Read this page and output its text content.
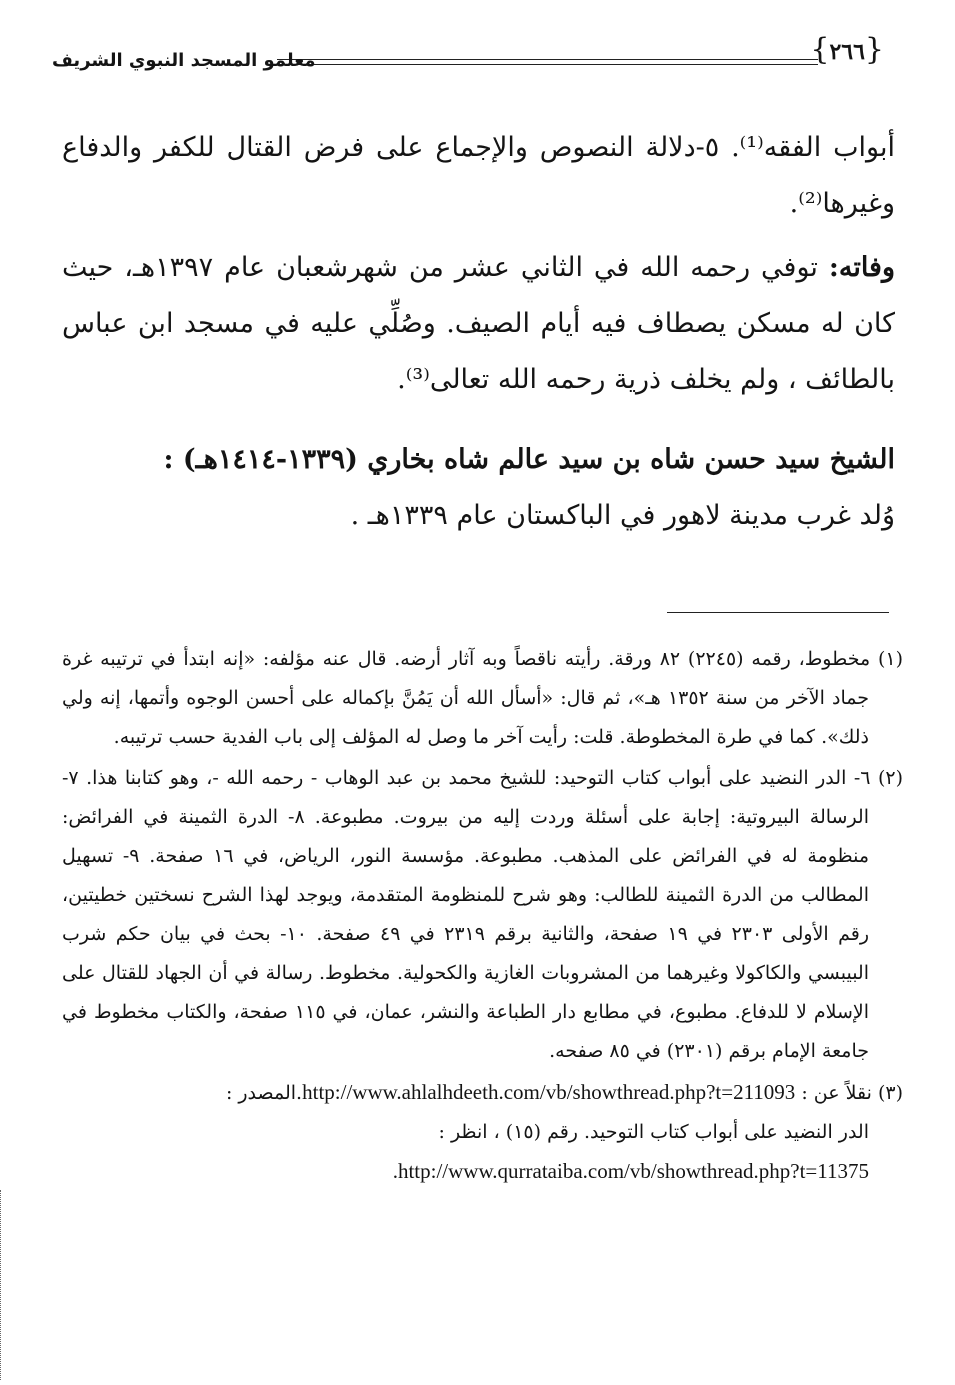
{٢٦٦}
معلمو المسجد النبوي الشريف

أبواب الفقه⁽¹⁾. ٥-دلالة النصوص والإجماع على فرض القتال للكفر والدفاع وغيرها⁽²⁾.

وفاته: توفي رحمه الله في الثاني عشر من شهرشعبان عام ١٣٩٧هـ، حيث كان له مسكن يصطاف فيه أيام الصيف. وصُلِّي عليه في مسجد ابن عباس بالطائف ، ولم يخلف ذرية رحمه الله تعالى⁽³⁾.

الشيخ سيد حسن شاه بن سيد عالم شاه بخاري (١٣٣٩-١٤١٤هـ) :

وُلد غرب مدينة لاهور في الباكستان عام ١٣٣٩هـ .

(١) مخطوط، رقمه (٢٢٤٥) ٨٢ ورقة. رأيته ناقصاً وبه آثار أرضه. قال عنه مؤلفه: «إنه ابتدأ في ترتيبه غرة جماد الآخر من سنة ١٣٥٢ هـ»، ثم قال: «أسأل الله أن يَمُنَّ بإكماله على أحسن الوجوه وأتمها، إنه ولي ذلك». كما في طرة المخطوطة. قلت: رأيت آخر ما وصل له المؤلف إلى باب الفدية حسب ترتيبه.

(٢) ٦- الدر النضيد على أبواب كتاب التوحيد: للشيخ محمد بن عبد الوهاب - رحمه الله -، وهو كتابنا هذا. ٧- الرسالة البيروتية: إجابة على أسئلة وردت إليه من بيروت. مطبوعة. ٨- الدرة الثمينة في الفرائض: منظومة له في الفرائض على المذهب. مطبوعة. مؤسسة النور، الرياض، في ١٦ صفحة. ٩- تسهيل المطالب من الدرة الثمينة للطالب: وهو شرح للمنظومة المتقدمة، ويوجد لهذا الشرح نسختين خطيتين، رقم الأولى ٢٣٠٣ في ١٩ صفحة، والثانية برقم ٢٣١٩ في ٤٩ صفحة. ١٠- بحث في بيان حكم شرب البيبسي والكاكولا وغيرهما من المشروبات الغازية والكحولية. مخطوط. رسالة في أن الجهاد للقتال على الإسلام لا للدفاع. مطبوع، في مطابع دار الطباعة والنشر، عمان، في ١١٥ صفحة، والكتاب مخطوط في جامعة الإمام برقم (٢٣٠١) في ٨٥ صفحه.

(٣) نقلاً عن : http://www.ahlalhdeeth.com/vb/showthread.php?t=211093.المصدر :
الدر النضيد على أبواب كتاب التوحيد. رقم (١٥) ، انظر :
.http://www.qurrataiba.com/vb/showthread.php?t=11375
